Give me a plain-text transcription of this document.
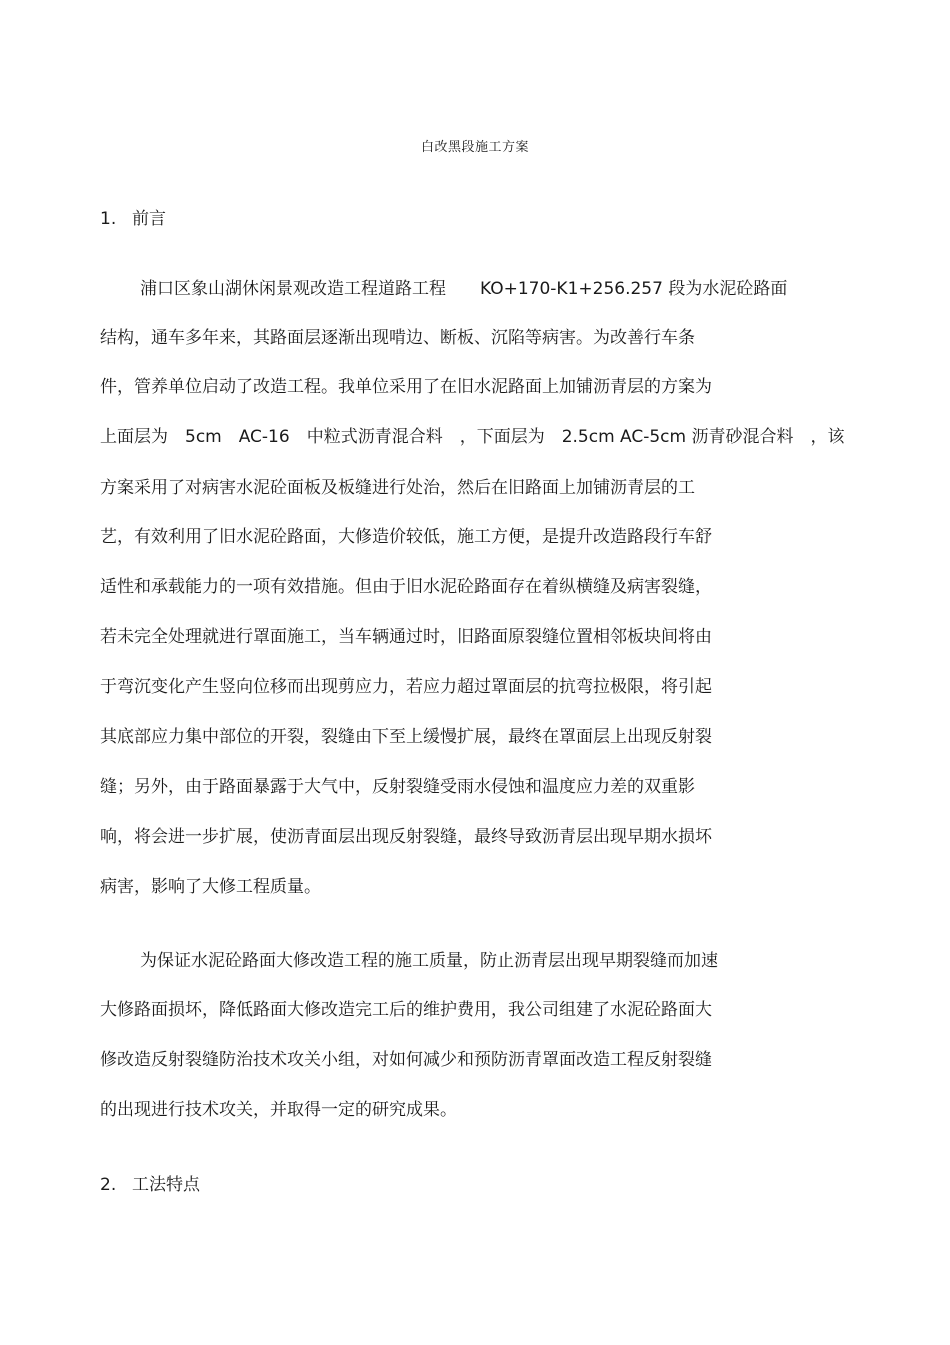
白改黑段施工方案
1. 前言
浦口区象山湖休闲景观改造工程道路工程　　KO+170-K1+256.257 段为水泥砼路面
结构，通车多年来，其路面层逐渐出现啃边、断板、沉陷等病害。为改善行车条
件，管养单位启动了改造工程。我单位采用了在旧水泥路面上加铺沥青层的方案为
上面层为　5cm　AC-16　中粒式沥青混合料　，下面层为　2.5cm AC-5cm 沥青砂混合料　，该
方案采用了对病害水泥砼面板及板缝进行处治，然后在旧路面上加铺沥青层的工
艺，有效利用了旧水泥砼路面，大修造价较低，施工方便，是提升改造路段行车舒
适性和承载能力的一项有效措施。但由于旧水泥砼路面存在着纵横缝及病害裂缝，
若未完全处理就进行罩面施工，当车辆通过时，旧路面原裂缝位置相邻板块间将由
于弯沉变化产生竖向位移而出现剪应力，若应力超过罩面层的抗弯拉极限，将引起
其底部应力集中部位的开裂，裂缝由下至上缓慢扩展，最终在罩面层上出现反射裂
缝；另外，由于路面暴露于大气中，反射裂缝受雨水侵蚀和温度应力差的双重影
响，将会进一步扩展，使沥青面层出现反射裂缝，最终导致沥青层出现早期水损坏
病害，影响了大修工程质量。
为保证水泥砼路面大修改造工程的施工质量，防止沥青层出现早期裂缝而加速
大修路面损坏，降低路面大修改造完工后的维护费用，我公司组建了水泥砼路面大
修改造反射裂缝防治技术攻关小组，对如何减少和预防沥青罩面改造工程反射裂缝
的出现进行技术攻关，并取得一定的研究成果。
2. 工法特点
